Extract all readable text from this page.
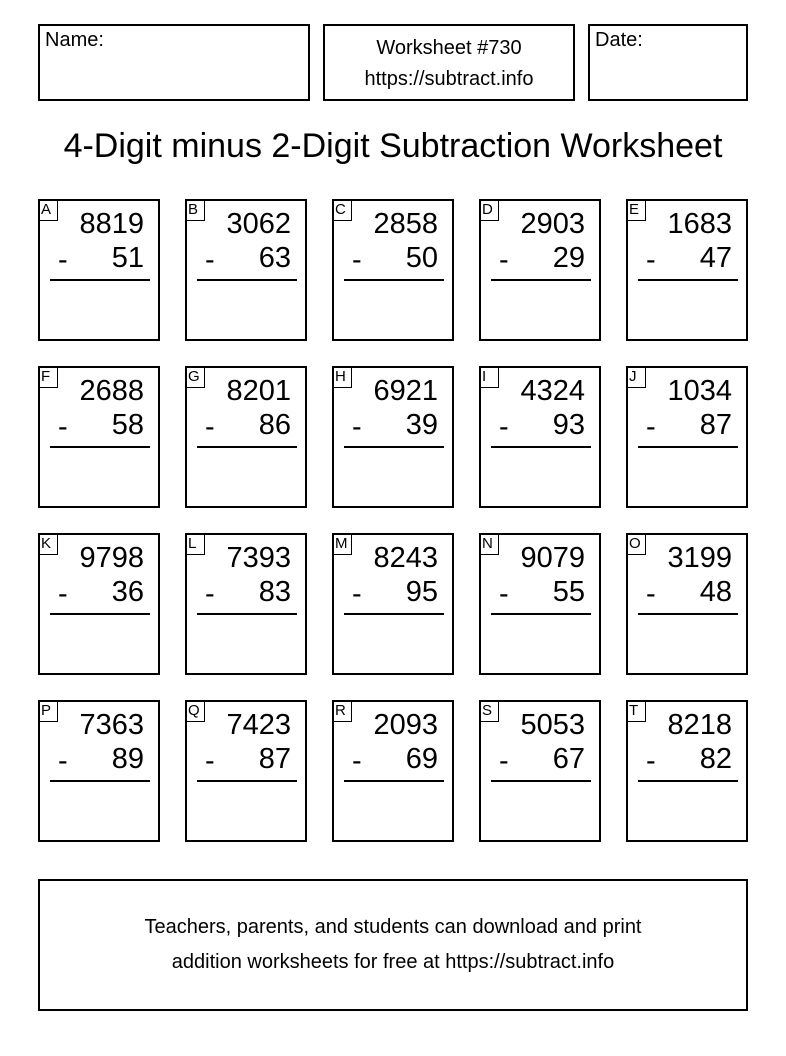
Name:	Worksheet #730
https://subtract.info
Date:
4-Digit minus 2-Digit Subtraction Worksheet
A 8819
- 51
B 3062
- 63
C 2858
- 50
D 2903
- 29
E 1683
- 47
F 2688
- 58
G 8201
- 86
H 6921
- 39
I	4324
- 93
J	1034
- 87
K 9798
- 36
L 7393
- 83
M 8243
- 95
N 9079
- 55
O 3199
- 48
P 7363
- 89
Q 7423
- 87
R 2093
- 69
S 5053
- 67
T 8218
- 82
Teachers, parents, and students can download and print
addition worksheets for free at https://subtract.info
